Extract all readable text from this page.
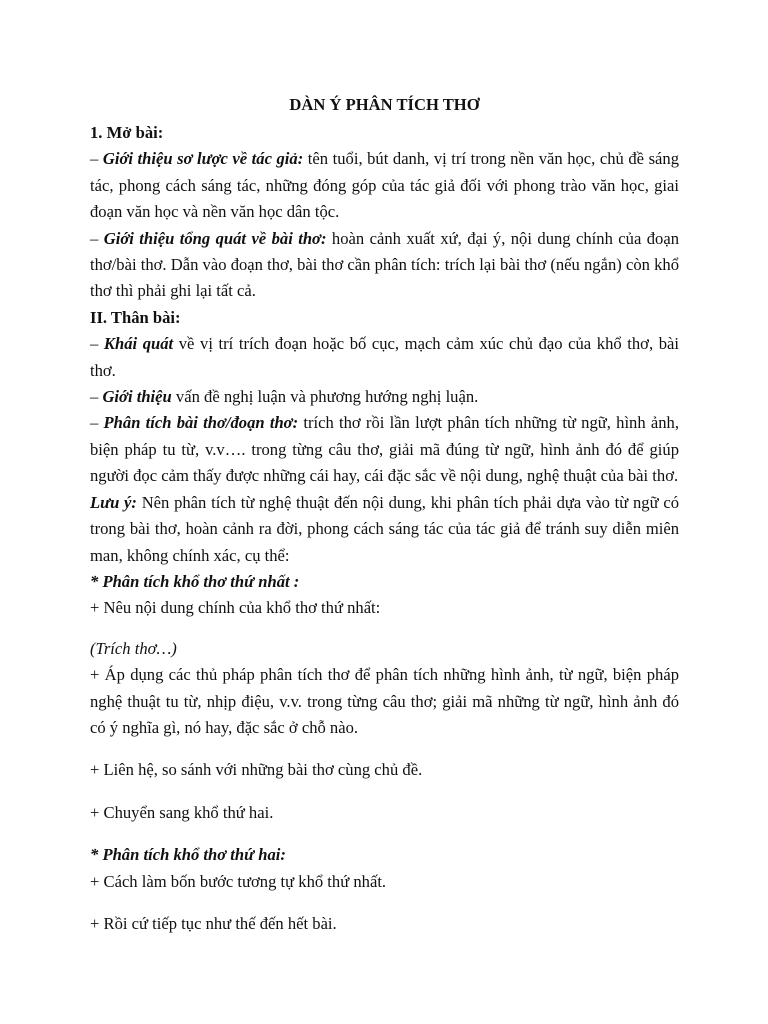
DÀN Ý PHÂN TÍCH THƠ

1. Mở bài:

– Giới thiệu sơ lược về tác giả: tên tuổi, bút danh, vị trí trong nền văn học, chủ đề sáng tác, phong cách sáng tác, những đóng góp của tác giả đối với phong trào văn học, giai đoạn văn học và nền văn học dân tộc.

– Giới thiệu tổng quát về bài thơ: hoàn cảnh xuất xứ, đại ý, nội dung chính của đoạn thơ/bài thơ. Dẫn vào đoạn thơ, bài thơ cần phân tích: trích lại bài thơ (nếu ngắn) còn khổ thơ thì phải ghi lại tất cả.

II. Thân bài:

– Khái quát về vị trí trích đoạn hoặc bố cục, mạch cảm xúc chủ đạo của khổ thơ, bài thơ.

– Giới thiệu vấn đề nghị luận và phương hướng nghị luận.

– Phân tích bài thơ/đoạn thơ: trích thơ rồi lần lượt phân tích những từ ngữ, hình ảnh, biện pháp tu từ, v.v…. trong từng câu thơ, giải mã đúng từ ngữ, hình ảnh đó để giúp người đọc cảm thấy được những cái hay, cái đặc sắc về nội dung, nghệ thuật của bài thơ.

Lưu ý: Nên phân tích từ nghệ thuật đến nội dung, khi phân tích phải dựa vào từ ngữ có trong bài thơ, hoàn cảnh ra đời, phong cách sáng tác của tác giả để tránh suy diễn miên man, không chính xác, cụ thể:

* Phân tích khổ thơ thứ nhất :

+ Nêu nội dung chính của khổ thơ thứ nhất:

(Trích thơ…)

+ Áp dụng các thủ pháp phân tích thơ để phân tích những hình ảnh, từ ngữ, biện pháp nghệ thuật tu từ, nhịp điệu, v.v. trong từng câu thơ; giải mã những từ ngữ, hình ảnh đó có ý nghĩa gì, nó hay, đặc sắc ở chỗ nào.

+ Liên hệ, so sánh với những bài thơ cùng chủ đề.

+ Chuyển sang khổ thứ hai.

* Phân tích khổ thơ thứ hai:

+ Cách làm bốn bước tương tự khổ thứ nhất.

+ Rồi cứ tiếp tục như thế đến hết bài.
